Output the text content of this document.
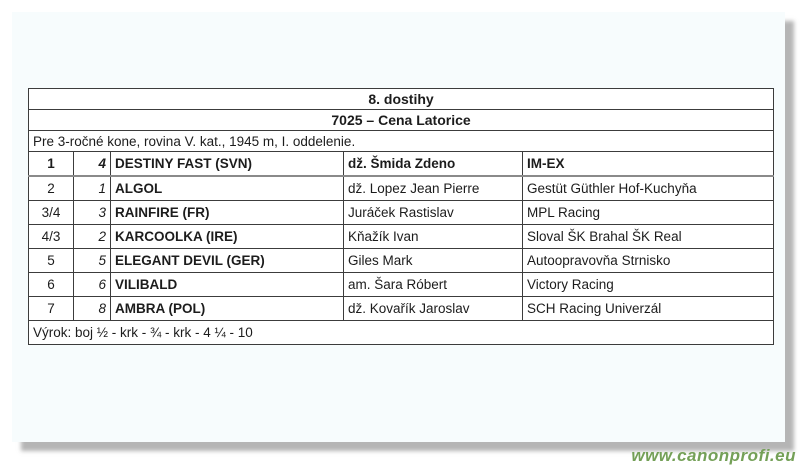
8. dostihy				
7025 – Cena Latorice				
Pre 3-ročné kone, rovina V. kat., 1945 m, I. oddelenie.				
1	4	DESTINY FAST (SVN)	dž. Šmida Zdeno	IM-EX
2	1	ALGOL	dž. Lopez Jean Pierre	Gestüt Güthler Hof-Kuchyňa
3/4	3	RAINFIRE (FR)	Juráček Rastislav	MPL Racing
4/3	2	KARCOOLKA (IRE)	Kňažík Ivan	Sloval ŠK Brahal ŠK Real
5	5	ELEGANT DEVIL (GER)	Giles Mark	Autoopravovňa Strnisko
6	6	VILIBALD	am. Šara Róbert	Victory Racing
7	8	AMBRA (POL)	dž. Kovařík Jaroslav	SCH Racing Univerzál
Výrok: boj ½ - krk - ¾ - krk - 4 ¼ - 10				
www.canonprofi.eu
